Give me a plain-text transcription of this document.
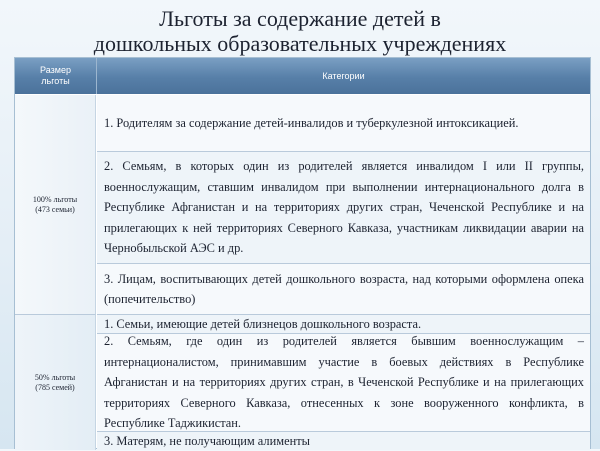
Льготы за содержание детей в
дошкольных образовательных учреждениях
Размер
льготы	Категории
100% льготы
(473 семьи)
50% льготы
(785 семей)
1. Родителям за содержание детей-инвалидов и туберкулезной интоксикацией.
2. Семьям, в которых один из родителей является инвалидом I или II группы, военнослужащим, ставшим инвалидом при выполнении интернационального долга в Республике Афганистан и на территориях других стран, Чеченской Республике и на прилегающих к ней территориях Северного Кавказа, участникам ликвидации аварии на Чернобыльской АЭС и др.
3. Лицам, воспитывающих детей дошкольного возраста, над которыми оформлена опека (попечительство)
1. Семьи, имеющие детей близнецов дошкольного возраста.
2. Семьям, где один из родителей является бывшим военнослужащим – интернационалистом, принимавшим участие в боевых действиях в Республике Афганистан и на территориях других стран, в Чеченской Республике и на прилегающих территориях Северного Кавказа, отнесенных к зоне вооруженного конфликта, в Республике Таджикистан.
3. Матерям, не получающим алименты
